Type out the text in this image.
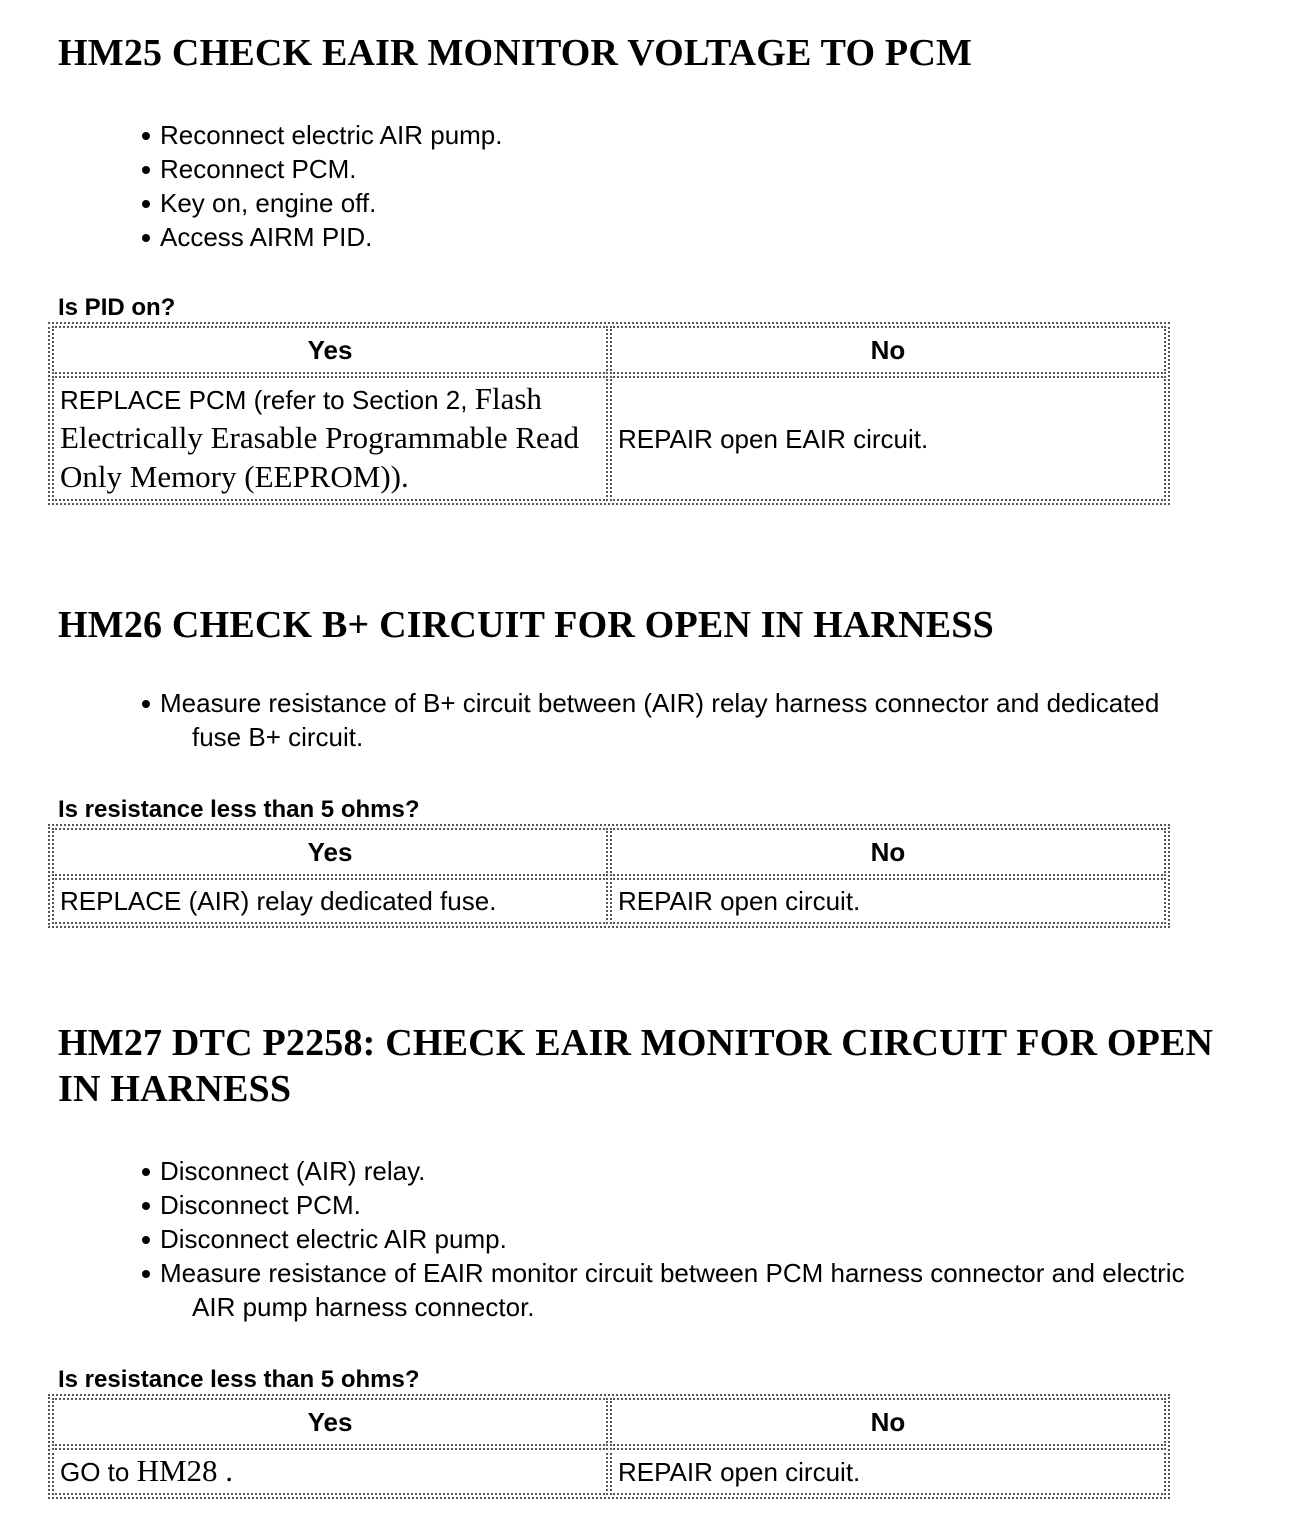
HM25 CHECK EAIR MONITOR VOLTAGE TO PCM
Reconnect electric AIR pump.
Reconnect PCM.
Key on, engine off.
Access AIRM PID.

Is PID on?

Yes	No
REPLACE PCM (refer to Section 2, Flash Electrically Erasable Programmable Read Only Memory (EEPROM)).	REPAIR open EAIR circuit.
HM26 CHECK B+ CIRCUIT FOR OPEN IN HARNESS
Measure resistance of B+ circuit between (AIR) relay harness connector and dedicated
fuse B+ circuit.

Is resistance less than 5 ohms?

Yes	No
REPLACE (AIR) relay dedicated fuse.	REPAIR open circuit.
HM27 DTC P2258: CHECK EAIR MONITOR CIRCUIT FOR OPEN
IN HARNESS
Disconnect (AIR) relay.
Disconnect PCM.
Disconnect electric AIR pump.
Measure resistance of EAIR monitor circuit between PCM harness connector and electric
AIR pump harness connector.

Is resistance less than 5 ohms?

Yes	No
GO to HM28 .	REPAIR open circuit.
